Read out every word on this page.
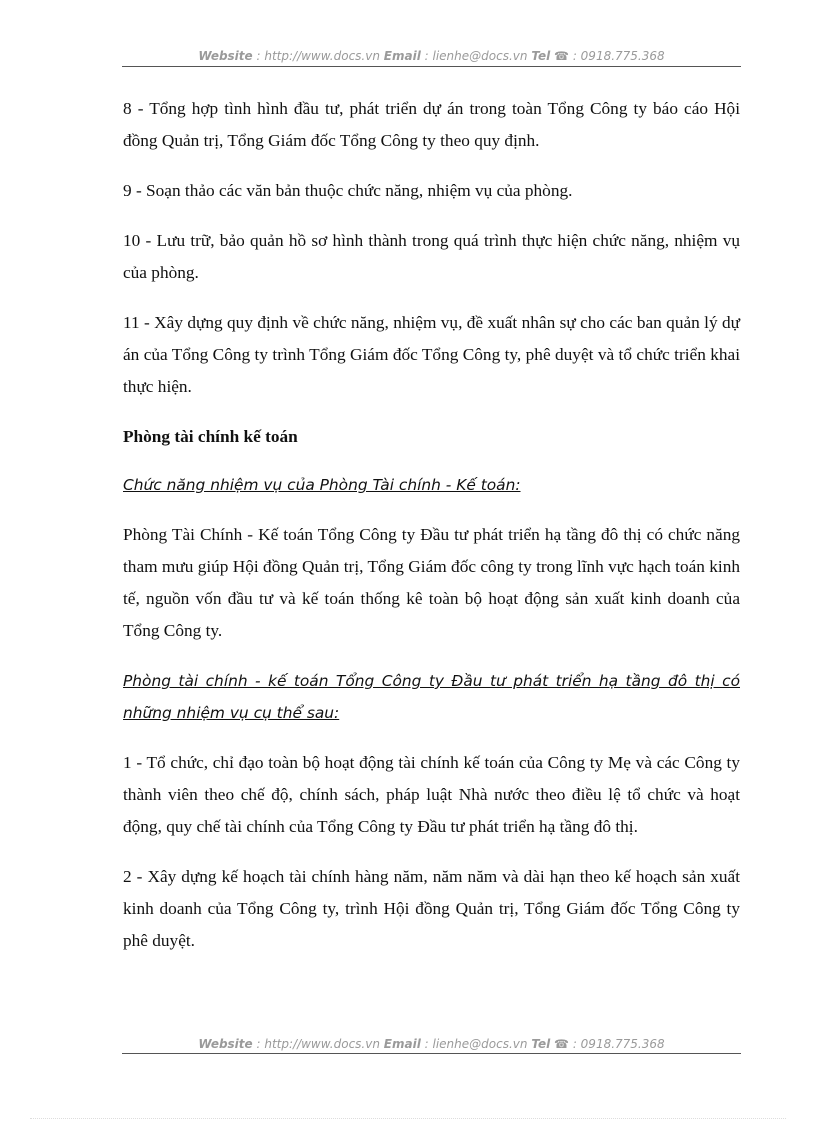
Website : http://www.docs.vn Email : lienhe@docs.vn Tel ☎ : 0918.775.368

8 - Tổng hợp tình hình đầu tư, phát triển dự án trong toàn Tổng Công ty báo cáo Hội đồng Quản trị, Tổng Giám đốc Tổng Công ty theo quy định.

9 - Soạn thảo các văn bản thuộc chức năng, nhiệm vụ của phòng.

10 - Lưu trữ, bảo quản hồ sơ hình thành trong quá trình thực hiện chức năng, nhiệm vụ của phòng.

11 - Xây dựng quy định về chức năng, nhiệm vụ, đề xuất nhân sự cho các ban quản lý dự án của Tổng Công ty trình Tổng Giám đốc Tổng Công ty, phê duyệt và tổ chức triển khai thực hiện.

Phòng tài chính kế toán

Chức năng nhiệm vụ của Phòng Tài chính - Kế toán:

Phòng Tài Chính - Kế toán Tổng Công ty Đầu tư phát triển hạ tầng đô thị có chức năng tham mưu giúp Hội đồng Quản trị, Tổng Giám đốc công ty trong lĩnh vực hạch toán kinh tế, nguồn vốn đầu tư và kế toán thống kê toàn bộ hoạt động sản xuất kinh doanh của Tổng Công ty.

Phòng tài chính - kế toán Tổng Công ty Đầu tư phát triển hạ tầng đô thị có những nhiệm vụ cụ thể sau:

1 - Tổ chức, chỉ đạo toàn bộ hoạt động tài chính kế toán của Công ty Mẹ và các Công ty thành viên theo chế độ, chính sách, pháp luật Nhà nước theo điều lệ tổ chức và hoạt động, quy chế tài chính của Tổng Công ty Đầu tư phát triển hạ tầng đô thị.

2 - Xây dựng kế hoạch tài chính hàng năm, năm năm và dài hạn theo kế hoạch sản xuất kinh doanh của Tổng Công ty, trình Hội đồng Quản trị, Tổng Giám đốc Tổng Công ty phê duyệt.

Website : http://www.docs.vn Email : lienhe@docs.vn Tel ☎ : 0918.775.368
